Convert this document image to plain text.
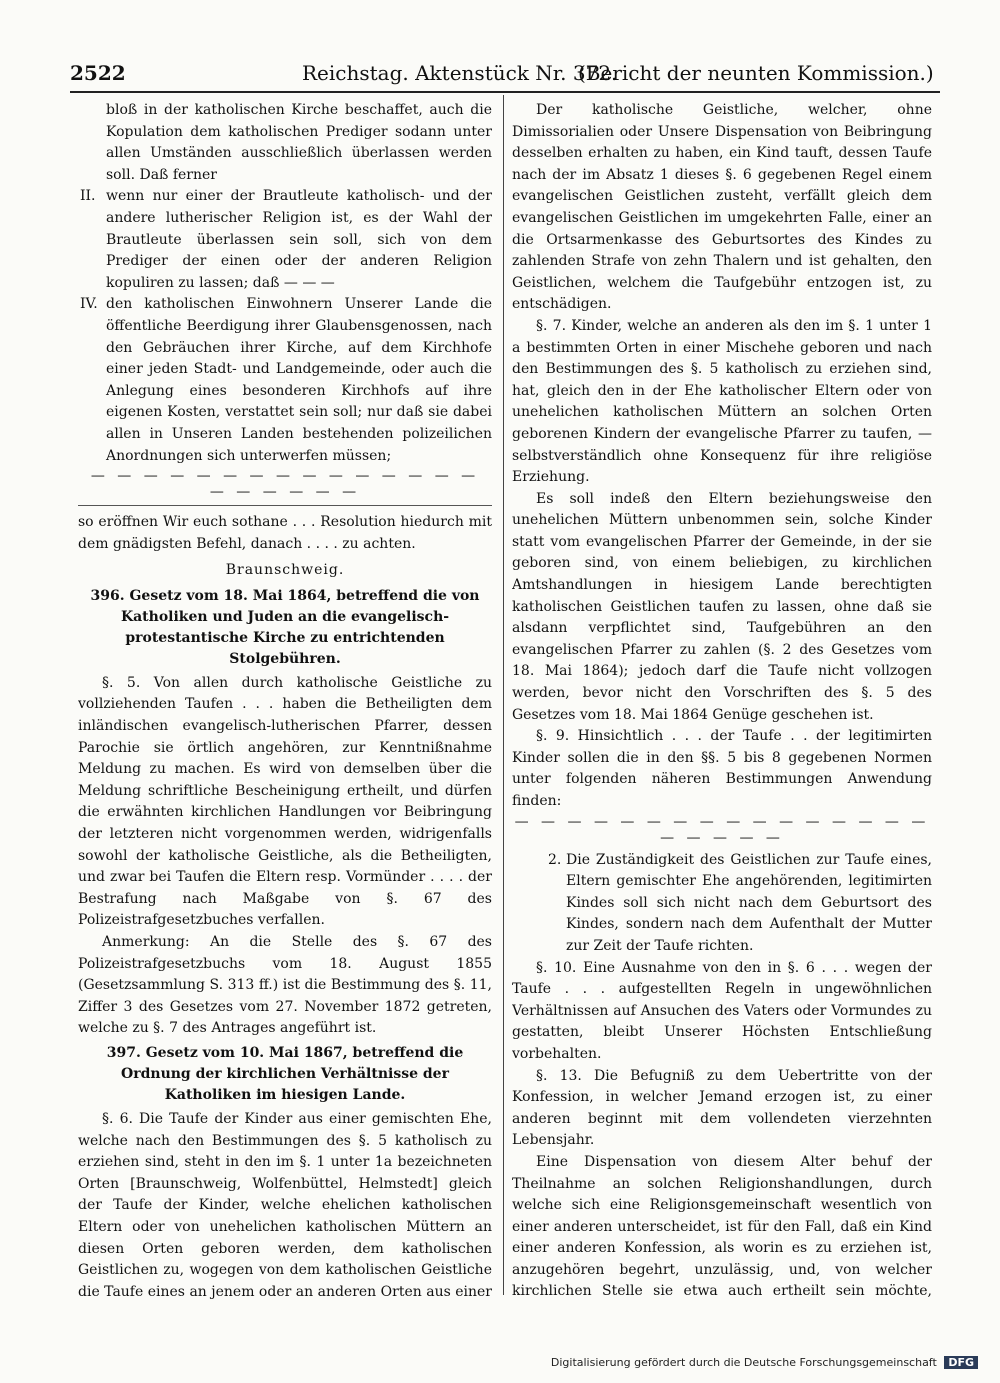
2522	Reichstag. Aktenstück Nr. 372.
(Bericht der neunten Kommission.)

bloß in der katholischen Kirche beschaffet, auch die Kopulation dem katholischen Prediger sodann unter allen Umständen ausschließlich überlassen werden soll. Daß ferner

II. wenn nur einer der Brautleute katholisch- und der andere lutherischer Religion ist, es der Wahl der Brautleute überlassen sein soll, sich von dem Prediger der einen oder der anderen Religion kopuliren zu lassen; daß — — —

IV. den katholischen Einwohnern Unserer Lande die öffentliche Beerdigung ihrer Glaubensgenossen, nach den Gebräuchen ihrer Kirche, auf dem Kirchhofe einer jeden Stadt- und Landgemeinde, oder auch die Anlegung eines besonderen Kirchhofs auf ihre eigenen Kosten, verstattet sein soll; nur daß sie dabei allen in Unseren Landen bestehenden polizeilichen Anordnungen sich unterwerfen müssen;

— — — — — — — — — — — — — — — — — — — — —

so eröffnen Wir euch sothane . . . Resolution hiedurch mit dem gnädigsten Befehl, danach . . . . zu achten.

Braunschweig.
396. Gesetz vom 18. Mai 1864, betreffend die von Katholiken und Juden an die evangelisch-protestantische Kirche zu entrichtenden Stolgebühren.

§. 5. Von allen durch katholische Geistliche zu vollziehenden Taufen . . . haben die Betheiligten dem inländischen evangelisch-lutherischen Pfarrer, dessen Parochie sie örtlich angehören, zur Kenntnißnahme Meldung zu machen. Es wird von demselben über die Meldung schriftliche Bescheinigung ertheilt, und dürfen die erwähnten kirchlichen Handlungen vor Beibringung der letzteren nicht vorgenommen werden, widrigenfalls sowohl der katholische Geistliche, als die Betheiligten, und zwar bei Taufen die Eltern resp. Vormünder . . . . der Bestrafung nach Maßgabe von §. 67 des Polizeistrafgesetzbuches verfallen.

Anmerkung: An die Stelle des §. 67 des Polizeistrafgesetzbuchs vom 18. August 1855 (Gesetzsammlung S. 313 ff.) ist die Bestimmung des §. 11, Ziffer 3 des Gesetzes vom 27. November 1872 getreten, welche zu §. 7 des Antrages angeführt ist.

397. Gesetz vom 10. Mai 1867, betreffend die Ordnung der kirchlichen Verhältnisse der Katholiken im hiesigen Lande.

§. 6. Die Taufe der Kinder aus einer gemischten Ehe, welche nach den Bestimmungen des §. 5 katholisch zu erziehen sind, steht in den im §. 1 unter 1a bezeichneten Orten [Braunschweig, Wolfenbüttel, Helmstedt] gleich der Taufe der Kinder, welche ehelichen katholischen Eltern oder von unehelichen katholischen Müttern an diesen Orten geboren werden, dem katholischen Geistlichen zu, wogegen von dem katholischen Geistliche die Taufe eines an jenem oder an anderen Orten aus einer

Der katholische Geistliche, welcher, ohne Dimissorialien oder Unsere Dispensation von Beibringung desselben erhalten zu haben, ein Kind tauft, dessen Taufe nach der im Absatz 1 dieses §. 6 gegebenen Regel einem evangelischen Geistlichen zusteht, verfällt gleich dem evangelischen Geistlichen im umgekehrten Falle, einer an die Ortsarmenkasse des Geburtsortes des Kindes zu zahlenden Strafe von zehn Thalern und ist gehalten, den Geistlichen, welchem die Taufgebühr entzogen ist, zu entschädigen.

§. 7. Kinder, welche an anderen als den im §. 1 unter 1 a bestimmten Orten in einer Mischehe geboren und nach den Bestimmungen des §. 5 katholisch zu erziehen sind, hat, gleich den in der Ehe katholischer Eltern oder von unehelichen katholischen Müttern an solchen Orten geborenen Kindern der evangelische Pfarrer zu taufen, — selbstverständlich ohne Konsequenz für ihre religiöse Erziehung.

Es soll indeß den Eltern beziehungsweise den unehelichen Müttern unbenommen sein, solche Kinder statt vom evangelischen Pfarrer der Gemeinde, in der sie geboren sind, von einem beliebigen, zu kirchlichen Amtshandlungen in hiesigem Lande berechtigten katholischen Geistlichen taufen zu lassen, ohne daß sie alsdann verpflichtet sind, Taufgebühren an den evangelischen Pfarrer zu zahlen (§. 2 des Gesetzes vom 18. Mai 1864); jedoch darf die Taufe nicht vollzogen werden, bevor nicht den Vorschriften des §. 5 des Gesetzes vom 18. Mai 1864 Genüge geschehen ist.

§. 9. Hinsichtlich . . . der Taufe . . der legitimirten Kinder sollen die in den §§. 5 bis 8 gegebenen Normen unter folgenden näheren Bestimmungen Anwendung finden:

— — — — — — — — — — — — — — — — — — — — —
2. Die Zuständigkeit des Geistlichen zur Taufe eines, Eltern gemischter Ehe angehörenden, legitimirten Kindes soll sich nicht nach dem Geburtsort des Kindes, sondern nach dem Aufenthalt der Mutter zur Zeit der Taufe richten.

§. 10. Eine Ausnahme von den in §. 6 . . . wegen der Taufe . . . aufgestellten Regeln in ungewöhnlichen Verhältnissen auf Ansuchen des Vaters oder Vormundes zu gestatten, bleibt Unserer Höchsten Entschließung vorbehalten.

§. 13. Die Befugniß zu dem Uebertritte von der Konfession, in welcher Jemand erzogen ist, zu einer anderen beginnt mit dem vollendeten vierzehnten Lebensjahr.

Eine Dispensation von diesem Alter behuf der Theilnahme an solchen Religionshandlungen, durch welche sich eine Religionsgemeinschaft wesentlich von einer anderen unterscheidet, ist für den Fall, daß ein Kind einer anderen Konfession, als worin es zu erziehen ist, anzugehören begehrt, unzulässig, und, von welcher kirchlichen Stelle sie etwa auch ertheilt sein möchte,

Digitalisierung gefördert durch die Deutsche Forschungsgemeinschaft DFG
